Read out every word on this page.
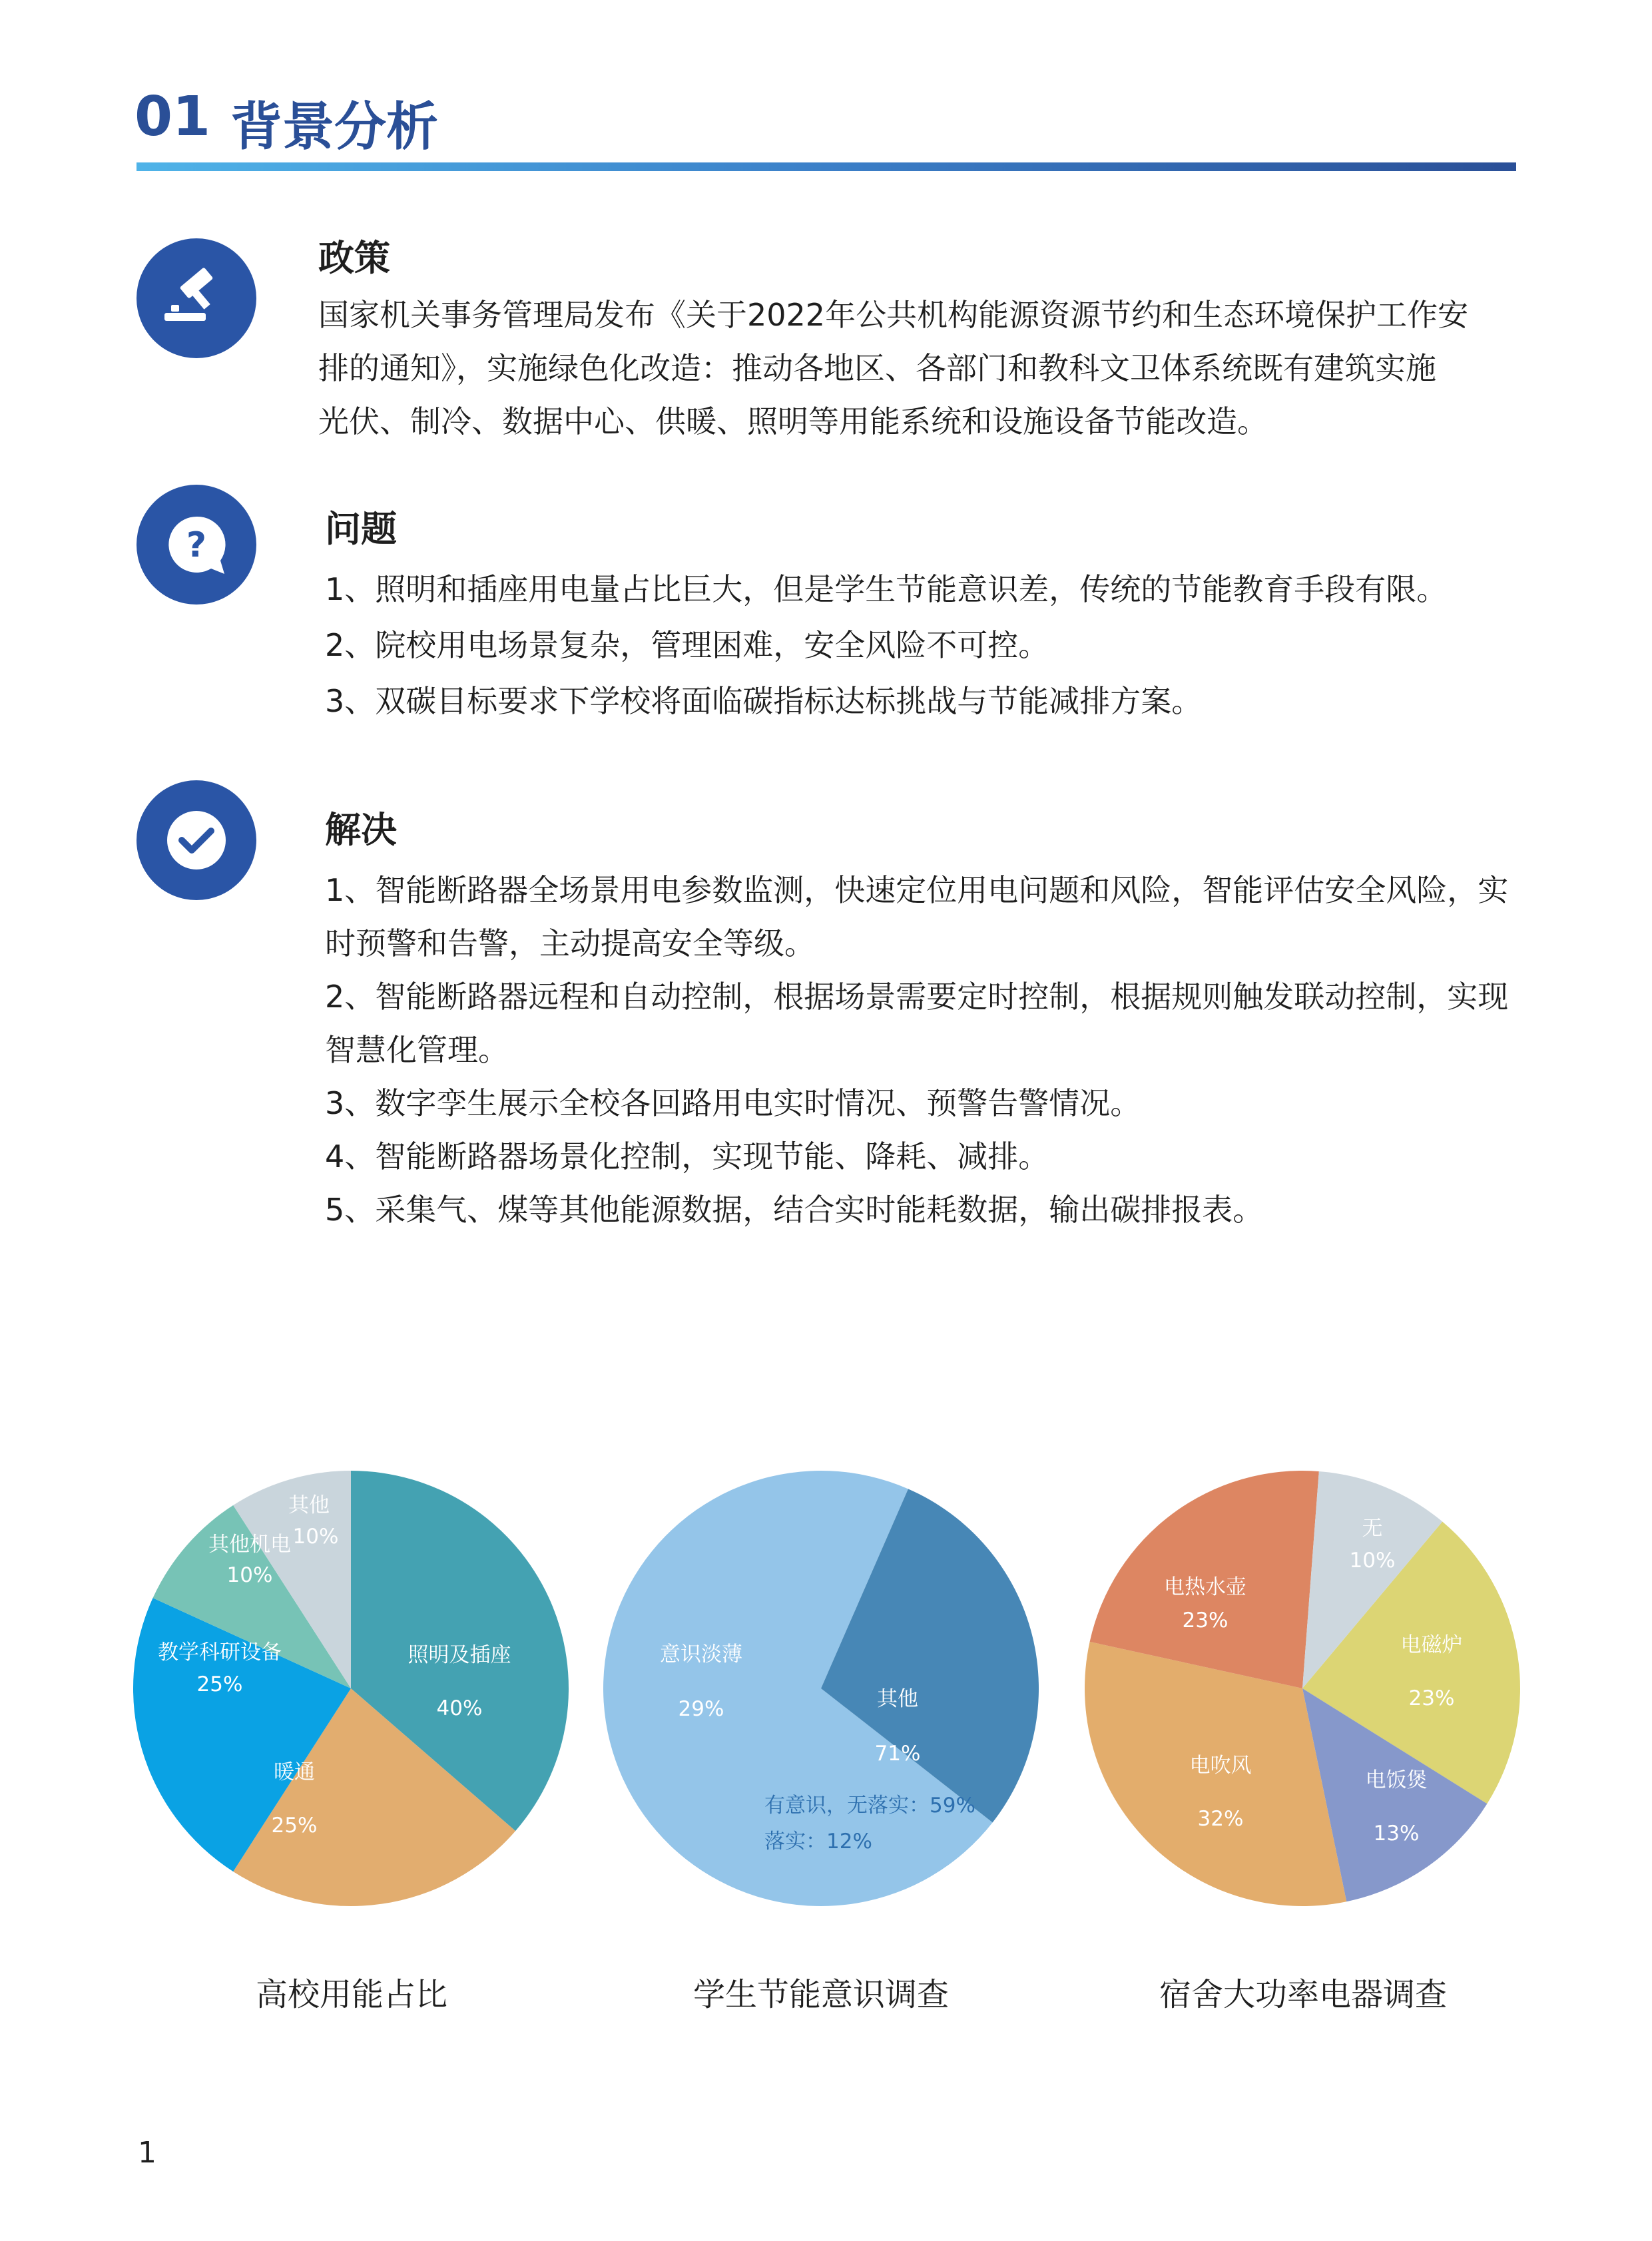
01 背景分析
政策
国家机关事务管理局发布《关于2022年公共机构能源资源节约和生态环境保护工作安
排的通知》，实施绿色化改造：推动各地区、各部门和教科文卫体系统既有建筑实施
光伏、制冷、数据中心、供暖、照明等用能系统和设施设备节能改造。
?	问题
1、照明和插座用电量占比巨大，但是学生节能意识差，传统的节能教育手段有限。
2、院校用电场景复杂，管理困难，安全风险不可控。
3、双碳目标要求下学校将面临碳指标达标挑战与节能减排方案。
解决
1、智能断路器全场景用电参数监测，快速定位用电问题和风险，智能评估安全风险，实
时预警和告警，主动提高安全等级。
2、智能断路器远程和自动控制，根据场景需要定时控制，根据规则触发联动控制，实现
智慧化管理。
3、数字孪生展示全校各回路用电实时情况、预警告警情况。
4、智能断路器场景化控制，实现节能、降耗、减排。
5、采集气、煤等其他能源数据，结合实时能耗数据，输出碳排报表。
照明及插座
40%
暖通
25%
教学科研设备
25%
其他机电
10%
其他
10%
其他
71%
意识淡薄
29%
有意识，无落实：59%
落实：12%
电磁炉
23%
电饭煲
13%
电吹风
32%
电热水壶
23%
无
10%
高校用能占比	学生节能意识调查	宿舍大功率电器调查
1
